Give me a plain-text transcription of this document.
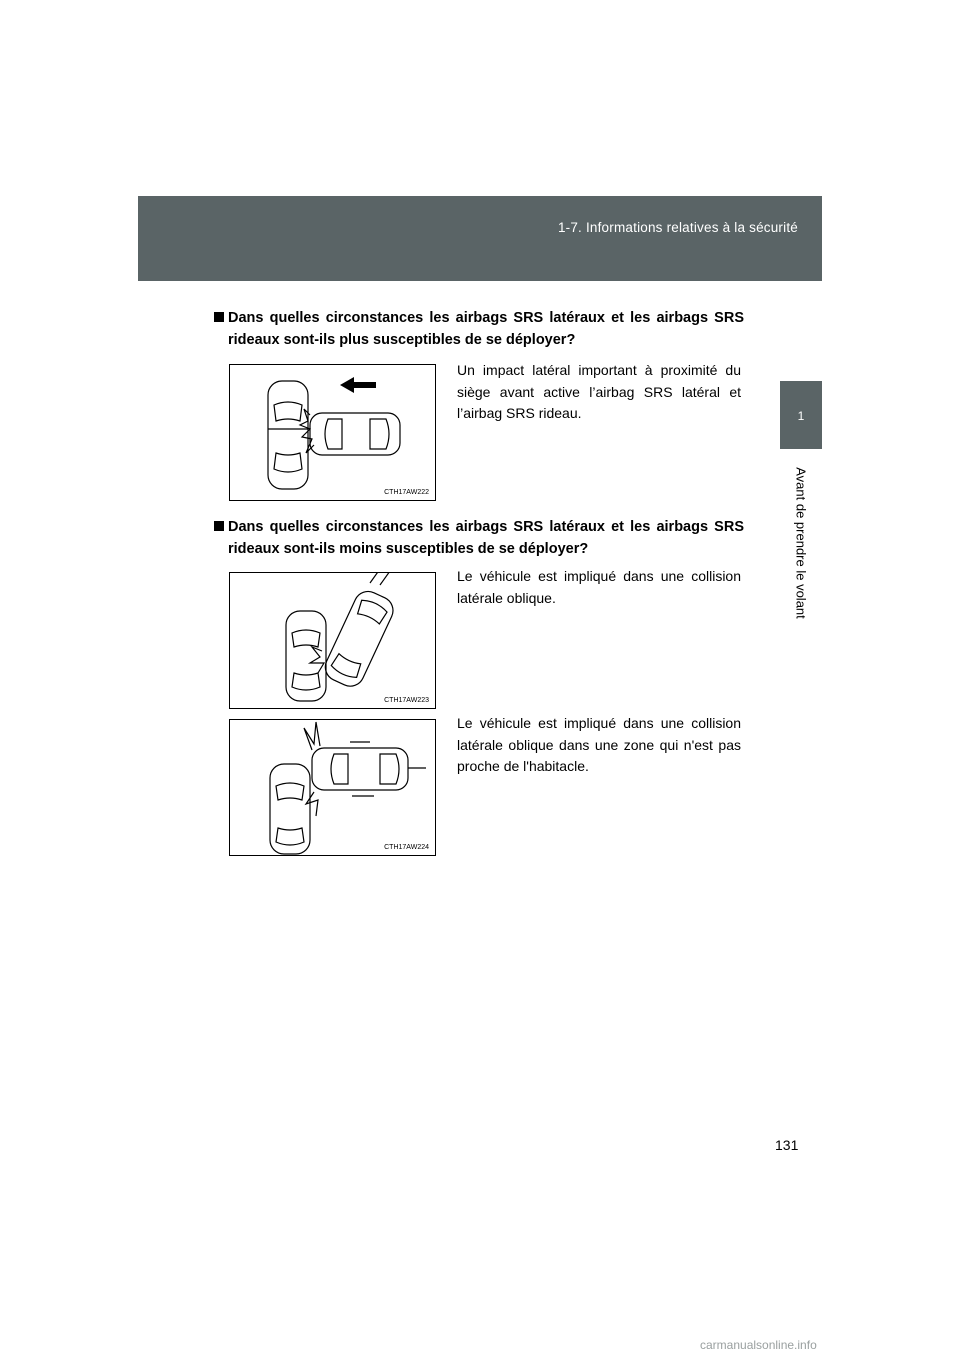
1-7. Informations relatives à la sécurité
1
Avant de prendre le volant
Dans quelles circonstances les airbags SRS latéraux et les airbags SRS rideaux sont-ils plus susceptibles de se déployer?
CTH17AW222
Un impact latéral important à proximité du siège avant active l’airbag SRS latéral et l’airbag SRS rideau.
Dans quelles circonstances les airbags SRS latéraux et les airbags SRS rideaux sont-ils moins susceptibles de se déployer?
CTH17AW223
Le véhicule est impliqué dans une collision latérale oblique.
CTH17AW224
Le véhicule est impliqué dans une collision latérale oblique dans une zone qui n'est pas proche de l'habitacle.
131
carmanualsonline.info
